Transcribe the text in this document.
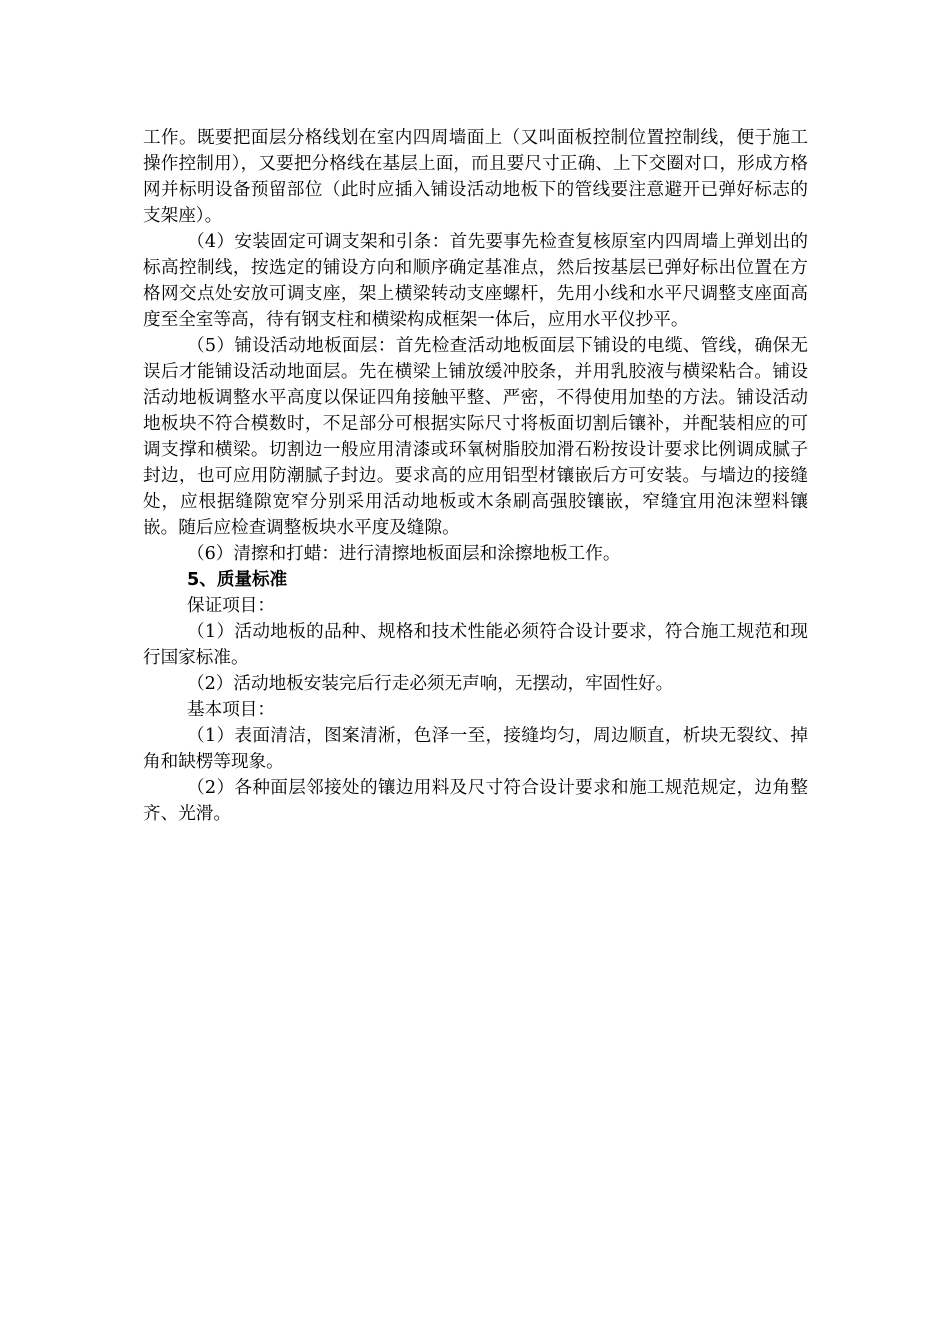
工作。既要把面层分格线划在室内四周墙面上（又叫面板控制位置控制线，便于施工操作控制用），又要把分格线在基层上面，而且要尺寸正确、上下交圈对口，形成方格网并标明设备预留部位（此时应插入铺设活动地板下的管线要注意避开已弹好标志的支架座）。

（4）安装固定可调支架和引条：首先要事先检查复核原室内四周墙上弹划出的标高控制线，按选定的铺设方向和顺序确定基准点，然后按基层已弹好标出位置在方格网交点处安放可调支座，架上横梁转动支座螺杆，先用小线和水平尺调整支座面高度至全室等高，待有钢支柱和横梁构成框架一体后，应用水平仪抄平。

（5）铺设活动地板面层：首先检查活动地板面层下铺设的电缆、管线，确保无误后才能铺设活动地面层。先在横梁上铺放缓冲胶条，并用乳胶液与横梁粘合。铺设活动地板调整水平高度以保证四角接触平整、严密，不得使用加垫的方法。铺设活动地板块不符合模数时，不足部分可根据实际尺寸将板面切割后镶补，并配装相应的可调支撑和横梁。切割边一般应用清漆或环氧树脂胶加滑石粉按设计要求比例调成腻子封边，也可应用防潮腻子封边。要求高的应用铝型材镶嵌后方可安装。与墙边的接缝处，应根据缝隙宽窄分别采用活动地板或木条刷高强胶镶嵌，窄缝宜用泡沫塑料镶嵌。随后应检查调整板块水平度及缝隙。

（6）清擦和打蜡：进行清擦地板面层和涂擦地板工作。

5、质量标准

保证项目：

（1）活动地板的品种、规格和技术性能必须符合设计要求，符合施工规范和现行国家标准。

（2）活动地板安装完后行走必须无声响，无摆动，牢固性好。

基本项目：

（1）表面清洁，图案清淅，色泽一至，接缝均匀，周边顺直，析块无裂纹、掉角和缺楞等现象。

（2）各种面层邻接处的镶边用料及尺寸符合设计要求和施工规范规定，边角整齐、光滑。
